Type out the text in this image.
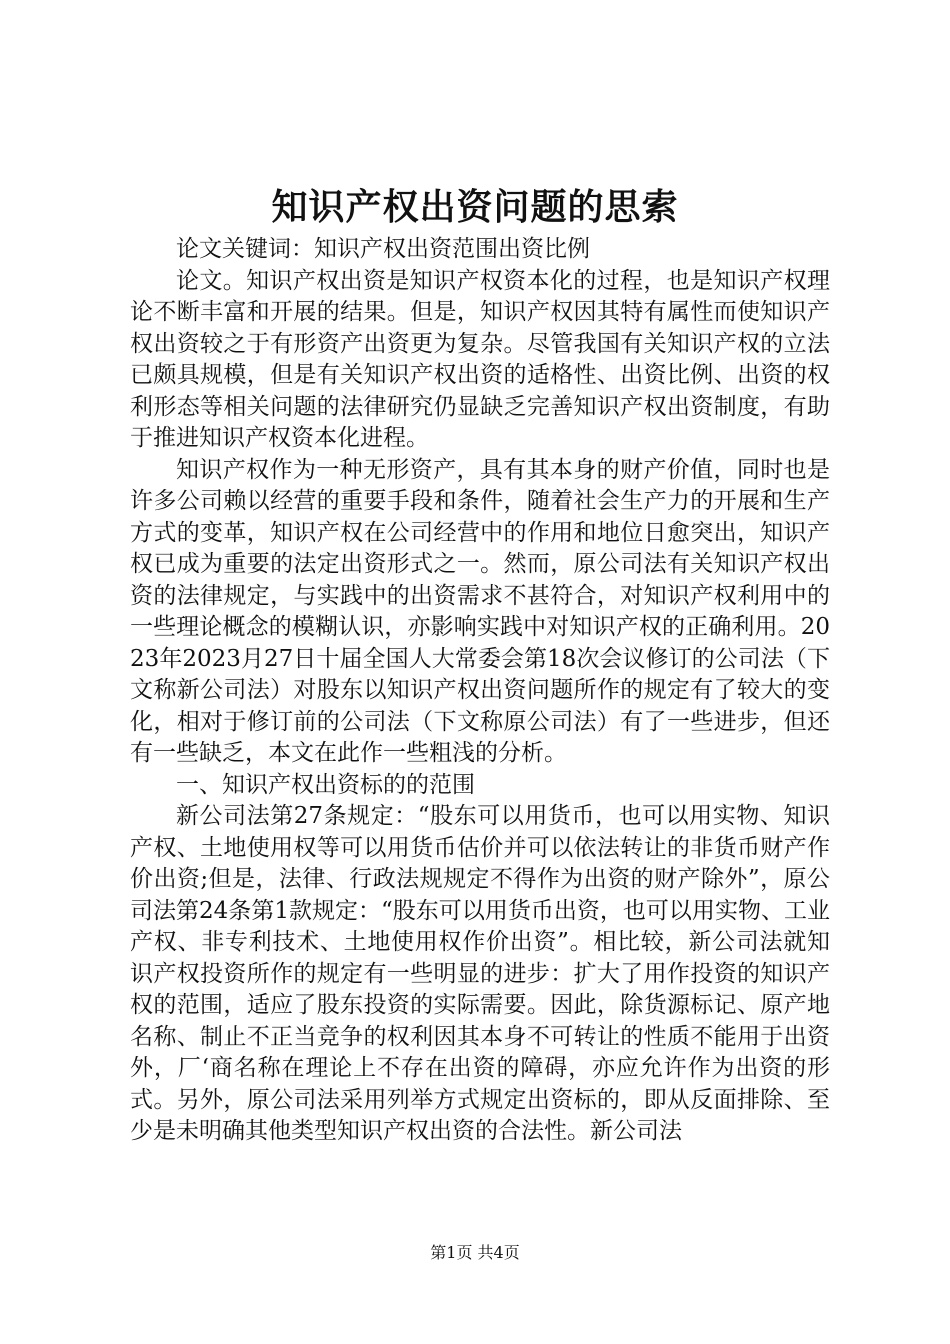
知识产权出资问题的思索

论文关键词：知识产权出资范围出资比例

论文。知识产权出资是知识产权资本化的过程，也是知识产权理论不断丰富和开展的结果。但是，知识产权因其特有属性而使知识产权出资较之于有形资产出资更为复杂。尽管我国有关知识产权的立法已颇具规模，但是有关知识产权出资的适格性、出资比例、出资的权利形态等相关问题的法律研究仍显缺乏完善知识产权出资制度，有助于推进知识产权资本化进程。

知识产权作为一种无形资产，具有其本身的财产价值，同时也是许多公司赖以经营的重要手段和条件，随着社会生产力的开展和生产方式的变革，知识产权在公司经营中的作用和地位日愈突出，知识产权已成为重要的法定出资形式之一。然而，原公司法有关知识产权出资的法律规定，与实践中的出资需求不甚符合，对知识产权利用中的一些理论概念的模糊认识，亦影响实践中对知识产权的正确利用。2023年2023月27日十届全国人大常委会第18次会议修订的公司法（下文称新公司法）对股东以知识产权出资问题所作的规定有了较大的变化，相对于修订前的公司法（下文称原公司法）有了一些进步，但还有一些缺乏，本文在此作一些粗浅的分析。

一、知识产权出资标的的范围

新公司法第27条规定：“股东可以用货币，也可以用实物、知识产权、土地使用权等可以用货币估价并可以依法转让的非货币财产作价出资;但是，法律、行政法规规定不得作为出资的财产除外”，原公司法第24条第1款规定：“股东可以用货币出资，也可以用实物、工业产权、非专利技术、土地使用权作价出资”。相比较，新公司法就知识产权投资所作的规定有一些明显的进步：扩大了用作投资的知识产权的范围，适应了股东投资的实际需要。因此，除货源标记、原产地名称、制止不正当竞争的权利因其本身不可转让的性质不能用于出资外，厂‘商名称在理论上不存在出资的障碍，亦应允许作为出资的形式。另外，原公司法采用列举方式规定出资标的，即从反面排除、至少是未明确其他类型知识产权出资的合法性。新公司法

第1页 共4页
